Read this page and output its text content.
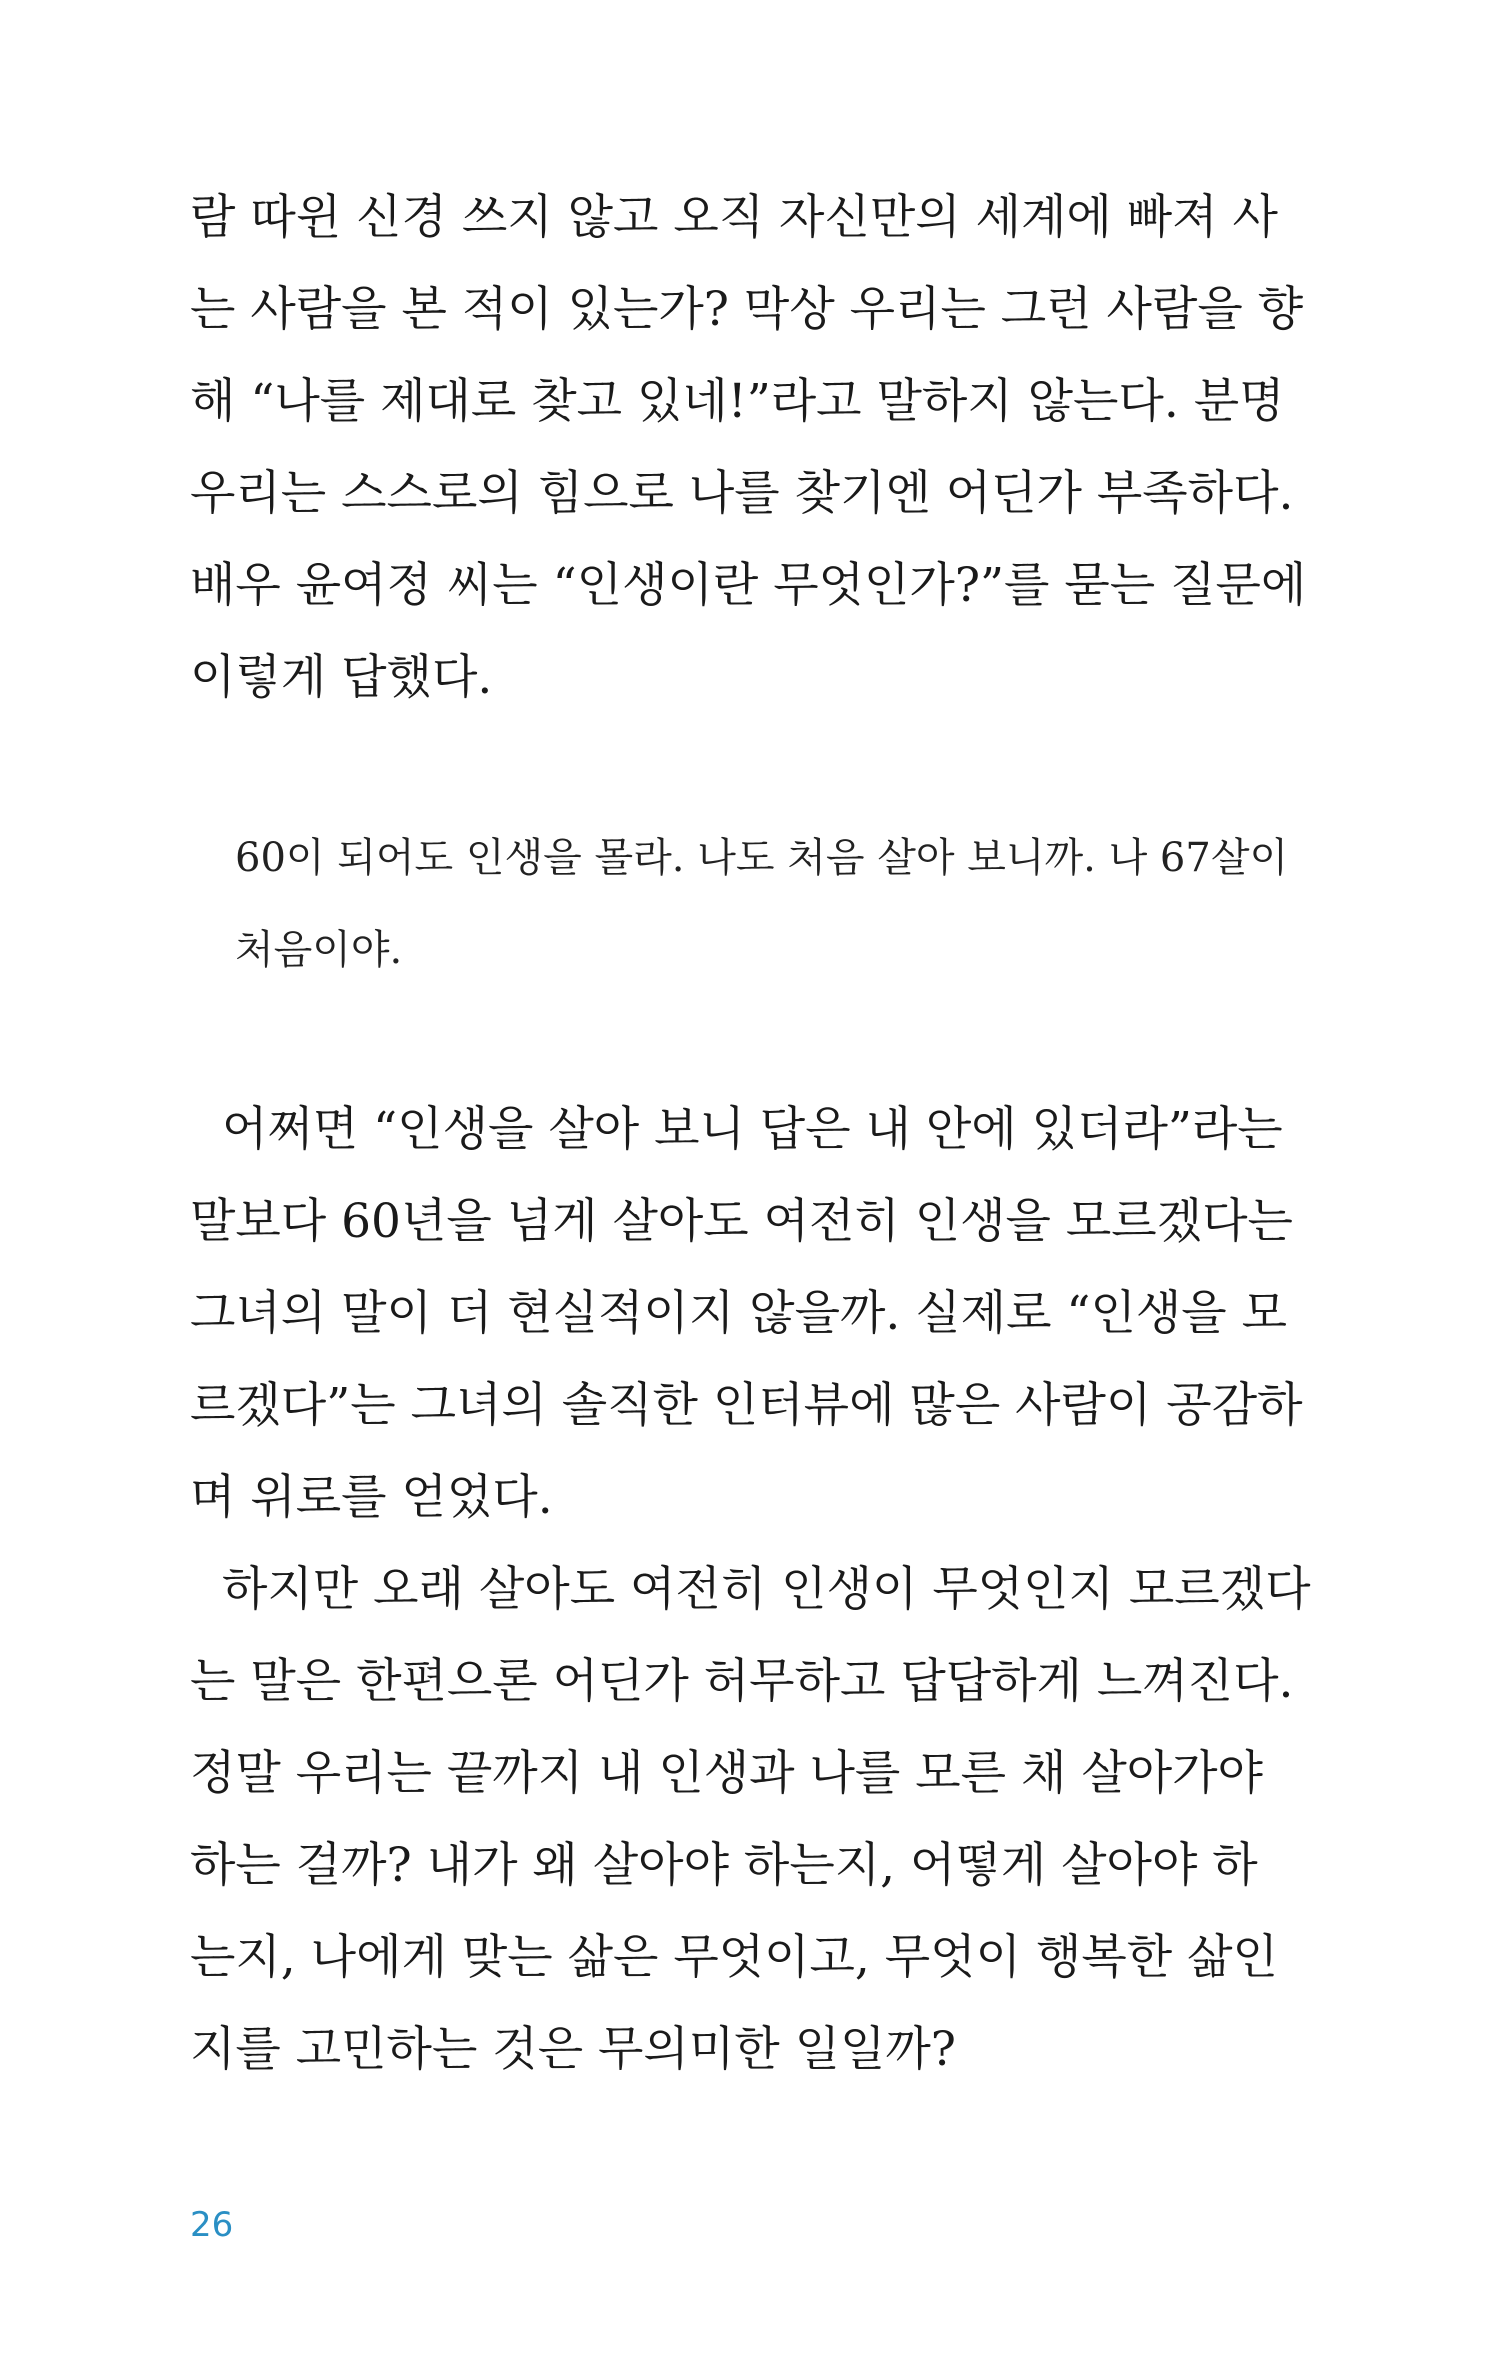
람 따윈 신경 쓰지 않고 오직 자신만의 세계에 빠져 사
는 사람을 본 적이 있는가? 막상 우리는 그런 사람을 향
해 “나를 제대로 찾고 있네!”라고 말하지 않는다. 분명
우리는 스스로의 힘으로 나를 찾기엔 어딘가 부족하다.
배우 윤여정 씨는 “인생이란 무엇인가?”를 묻는 질문에
이렇게 답했다.
60이 되어도 인생을 몰라. 나도 처음 살아 보니까. 나 67살이
처음이야.
어쩌면 “인생을 살아 보니 답은 내 안에 있더라”라는
말보다 60년을 넘게 살아도 여전히 인생을 모르겠다는
그녀의 말이 더 현실적이지 않을까. 실제로 “인생을 모
르겠다”는 그녀의 솔직한 인터뷰에 많은 사람이 공감하
며 위로를 얻었다.
하지만 오래 살아도 여전히 인생이 무엇인지 모르겠다
는 말은 한편으론 어딘가 허무하고 답답하게 느껴진다.
정말 우리는 끝까지 내 인생과 나를 모른 채 살아가야
하는 걸까? 내가 왜 살아야 하는지, 어떻게 살아야 하
는지, 나에게 맞는 삶은 무엇이고, 무엇이 행복한 삶인
지를 고민하는 것은 무의미한 일일까?
26
